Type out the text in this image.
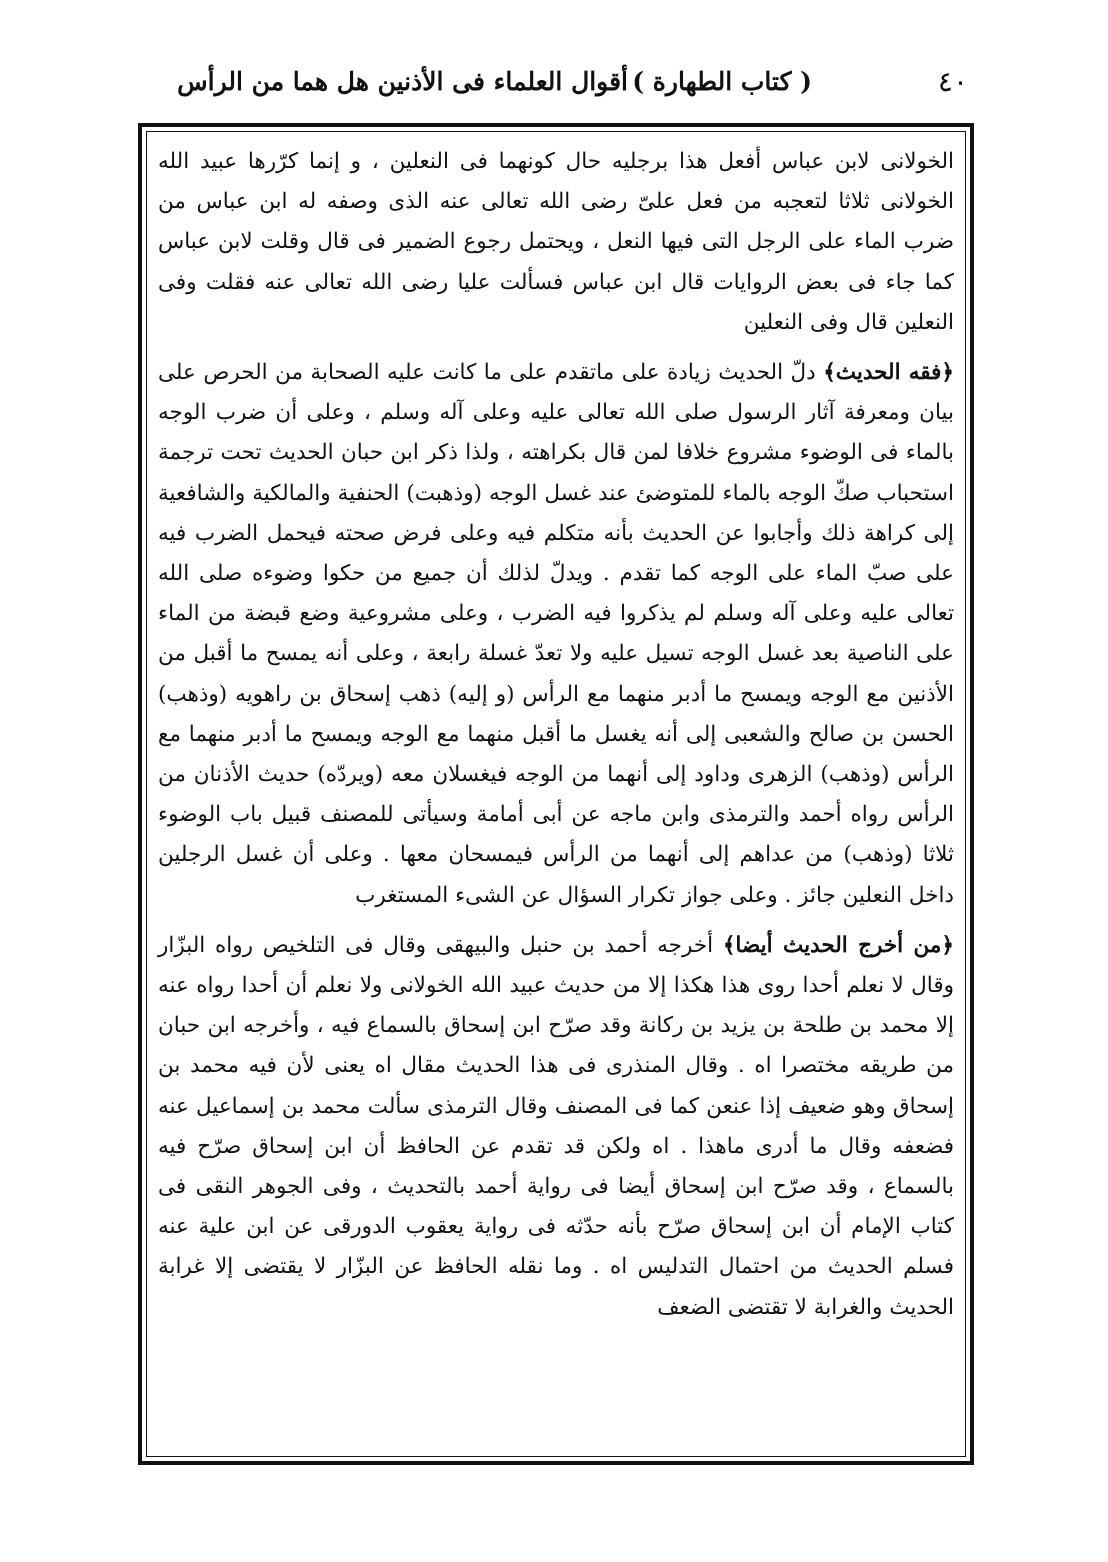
٤٠
( كتاب الطهارة )
أقوال العلماء فى الأذنين هل هما من الرأس

الخولانى لابن عباس أفعل هذا برجليه حال كونهما فى النعلين ، و إنما كرّرها عبيد الله الخولانى ثلاثا لتعجبه من فعل علىّ رضى الله تعالى عنه الذى وصفه له ابن عباس من ضرب الماء على الرجل التى فيها النعل ، ويحتمل رجوع الضمير فى قال وقلت لابن عباس كما جاء فى بعض الروايات قال ابن عباس فسألت عليا رضى الله تعالى عنه فقلت وفى النعلين قال وفى النعلين

﴿فقه الحديث﴾ دلّ الحديث زيادة على ماتقدم على ما كانت عليه الصحابة من الحرص على بيان ومعرفة آثار الرسول صلى الله تعالى عليه وعلى آله وسلم ، وعلى أن ضرب الوجه بالماء فى الوضوء مشروع خلافا لمن قال بكراهته ، ولذا ذكر ابن حبان الحديث تحت ترجمة استحباب صكّ الوجه بالماء للمتوضئ عند غسل الوجه (وذهبت) الحنفية والمالكية والشافعية إلى كراهة ذلك وأجابوا عن الحديث بأنه متكلم فيه وعلى فرض صحته فيحمل الضرب فيه على صبّ الماء على الوجه كما تقدم . ويدلّ لذلك أن جميع من حكوا وضوءه صلى الله تعالى عليه وعلى آله وسلم لم يذكروا فيه الضرب ، وعلى مشروعية وضع قبضة من الماء على الناصية بعد غسل الوجه تسيل عليه ولا تعدّ غسلة رابعة ، وعلى أنه يمسح ما أقبل من الأذنين مع الوجه ويمسح ما أدبر منهما مع الرأس (و إليه) ذهب إسحاق بن راهويه (وذهب) الحسن بن صالح والشعبى إلى أنه يغسل ما أقبل منهما مع الوجه ويمسح ما أدبر منهما مع الرأس (وذهب) الزهرى وداود إلى أنهما من الوجه فيغسلان معه (ويردّه) حديث الأذنان من الرأس رواه أحمد والترمذى وابن ماجه عن أبى أمامة وسيأتى للمصنف قبيل باب الوضوء ثلاثا (وذهب) من عداهم إلى أنهما من الرأس فيمسحان معها . وعلى أن غسل الرجلين داخل النعلين جائز . وعلى جواز تكرار السؤال عن الشىء المستغرب

﴿من أخرج الحديث أيضا﴾ أخرجه أحمد بن حنبل والبيهقى وقال فى التلخيص رواه البزّار وقال لا نعلم أحدا روى هذا هكذا إلا من حديث عبيد الله الخولانى ولا نعلم أن أحدا رواه عنه إلا محمد بن طلحة بن يزيد بن ركانة وقد صرّح ابن إسحاق بالسماع فيه ، وأخرجه ابن حبان من طريقه مختصرا اه . وقال المنذرى فى هذا الحديث مقال اه يعنى لأن فيه محمد بن إسحاق وهو ضعيف إذا عنعن كما فى المصنف وقال الترمذى سألت محمد بن إسماعيل عنه فضعفه وقال ما أدرى ماهذا . اه ولكن قد تقدم عن الحافظ أن ابن إسحاق صرّح فيه بالسماع ، وقد صرّح ابن إسحاق أيضا فى رواية أحمد بالتحديث ، وفى الجوهر النقى فى كتاب الإمام أن ابن إسحاق صرّح بأنه حدّثه فى رواية يعقوب الدورقى عن ابن علية عنه فسلم الحديث من احتمال التدليس اه . وما نقله الحافظ عن البزّار لا يقتضى إلا غرابة الحديث والغرابة لا تقتضى الضعف
